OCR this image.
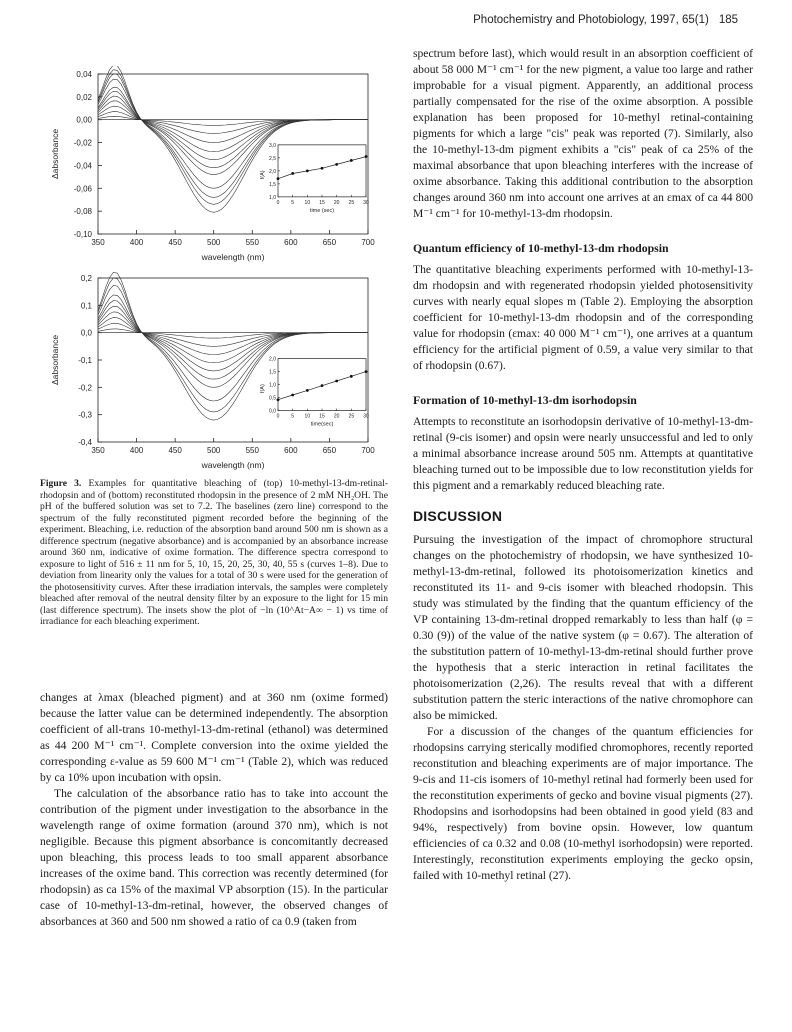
Photochemistry and Photobiology, 1997, 65(1) 185
350	400	450	500	550	600	650	700
0,04
0,02
0,00
-0,02
-0,04
-0,06
-0,08
-0,10
wavelength (nm)
Δabsorbance
0 5 10 15 20 25 30
3,0
2,5
2,0
1,5
1,0
time (sec)
f(A)
350	400	450	500	550	600	650	700
0,2
0,1
0,0
-0,1
-0,2
-0,3
-0,4
wavelength (nm)
Δabsorbance
0 5 10 15 20 25 30
2,0
1,5
1,0
0,5
0,0
time(sec)
f(A)
Figure 3. Examples for quantitative bleaching of (top) 10-methyl-13-dm-retinal-rhodopsin and of (bottom) reconstituted rhodopsin in the presence of 2 mM NH₂OH. The pH of the buffered solution was set to 7.2. The baselines (zero line) correspond to the spectrum of the fully reconstituted pigment recorded before the beginning of the experiment. Bleaching, i.e. reduction of the absorption band around 500 nm is shown as a difference spectrum (negative absorbance) and is accompanied by an absorbance increase around 360 nm, indicative of oxime formation. The difference spectra correspond to exposure to light of 516 ± 11 nm for 5, 10, 15, 20, 25, 30, 40, 55 s (curves 1–8). Due to deviation from linearity only the values for a total of 30 s were used for the generation of the photosensitivity curves. After these irradiation intervals, the samples were completely bleached after removal of the neutral density filter by an exposure to the light for 15 min (last difference spectrum). The insets show the plot of −ln (10^At−A∞ − 1) vs time of irradiance for each bleaching experiment.

changes at λmax (bleached pigment) and at 360 nm (oxime formed) because the latter value can be determined independently. The absorption coefficient of all-trans 10-methyl-13-dm-retinal (ethanol) was determined as 44 200 M⁻¹ cm⁻¹. Complete conversion into the oxime yielded the corresponding ε-value as 59 600 M⁻¹ cm⁻¹ (Table 2), which was reduced by ca 10% upon incubation with opsin.

The calculation of the absorbance ratio has to take into account the contribution of the pigment under investigation to the absorbance in the wavelength range of oxime formation (around 370 nm), which is not negligible. Because this pigment absorbance is concomitantly decreased upon bleaching, this process leads to too small apparent absorbance increases of the oxime band. This correction was recently determined (for rhodopsin) as ca 15% of the maximal VP absorption (15). In the particular case of 10-methyl-13-dm-retinal, however, the observed changes of absorbances at 360 and 500 nm showed a ratio of ca 0.9 (taken from

spectrum before last), which would result in an absorption coefficient of about 58 000 M⁻¹ cm⁻¹ for the new pigment, a value too large and rather improbable for a visual pigment. Apparently, an additional process partially compensated for the rise of the oxime absorption. A possible explanation has been proposed for 10-methyl retinal-containing pigments for which a large "cis" peak was reported (7). Similarly, also the 10-methyl-13-dm pigment exhibits a "cis" peak of ca 25% of the maximal absorbance that upon bleaching interferes with the increase of oxime absorbance. Taking this additional contribution to the absorption changes around 360 nm into account one arrives at an εmax of ca 44 800 M⁻¹ cm⁻¹ for 10-methyl-13-dm rhodopsin.

Quantum efficiency of 10-methyl-13-dm rhodopsin

The quantitative bleaching experiments performed with 10-methyl-13-dm rhodopsin and with regenerated rhodopsin yielded photosensitivity curves with nearly equal slopes m (Table 2). Employing the absorption coefficient for 10-methyl-13-dm rhodopsin and of the corresponding value for rhodopsin (εmax: 40 000 M⁻¹ cm⁻¹), one arrives at a quantum efficiency for the artificial pigment of 0.59, a value very similar to that of rhodopsin (0.67).

Formation of 10-methyl-13-dm isorhodopsin

Attempts to reconstitute an isorhodopsin derivative of 10-methyl-13-dm-retinal (9-cis isomer) and opsin were nearly unsuccessful and led to only a minimal absorbance increase around 505 nm. Attempts at quantitative bleaching turned out to be impossible due to low reconstitution yields for this pigment and a remarkably reduced bleaching rate.

DISCUSSION

Pursuing the investigation of the impact of chromophore structural changes on the photochemistry of rhodopsin, we have synthesized 10-methyl-13-dm-retinal, followed its photoisomerization kinetics and reconstituted its 11- and 9-cis isomer with bleached rhodopsin. This study was stimulated by the finding that the quantum efficiency of the VP containing 13-dm-retinal dropped remarkably to less than half (φ = 0.30 (9)) of the value of the native system (φ = 0.67). The alteration of the substitution pattern of 10-methyl-13-dm-retinal should further prove the hypothesis that a steric interaction in retinal facilitates the photoisomerization (2,26). The results reveal that with a different substitution pattern the steric interactions of the native chromophore can also be mimicked.

For a discussion of the changes of the quantum efficiencies for rhodopsins carrying sterically modified chromophores, recently reported reconstitution and bleaching experiments are of major importance. The 9-cis and 11-cis isomers of 10-methyl retinal had formerly been used for the reconstitution experiments of gecko and bovine visual pigments (27). Rhodopsins and isorhodopsins had been obtained in good yield (83 and 94%, respectively) from bovine opsin. However, low quantum efficiencies of ca 0.32 and 0.08 (10-methyl isorhodopsin) were reported. Interestingly, reconstitution experiments employing the gecko opsin, failed with 10-methyl retinal (27).
